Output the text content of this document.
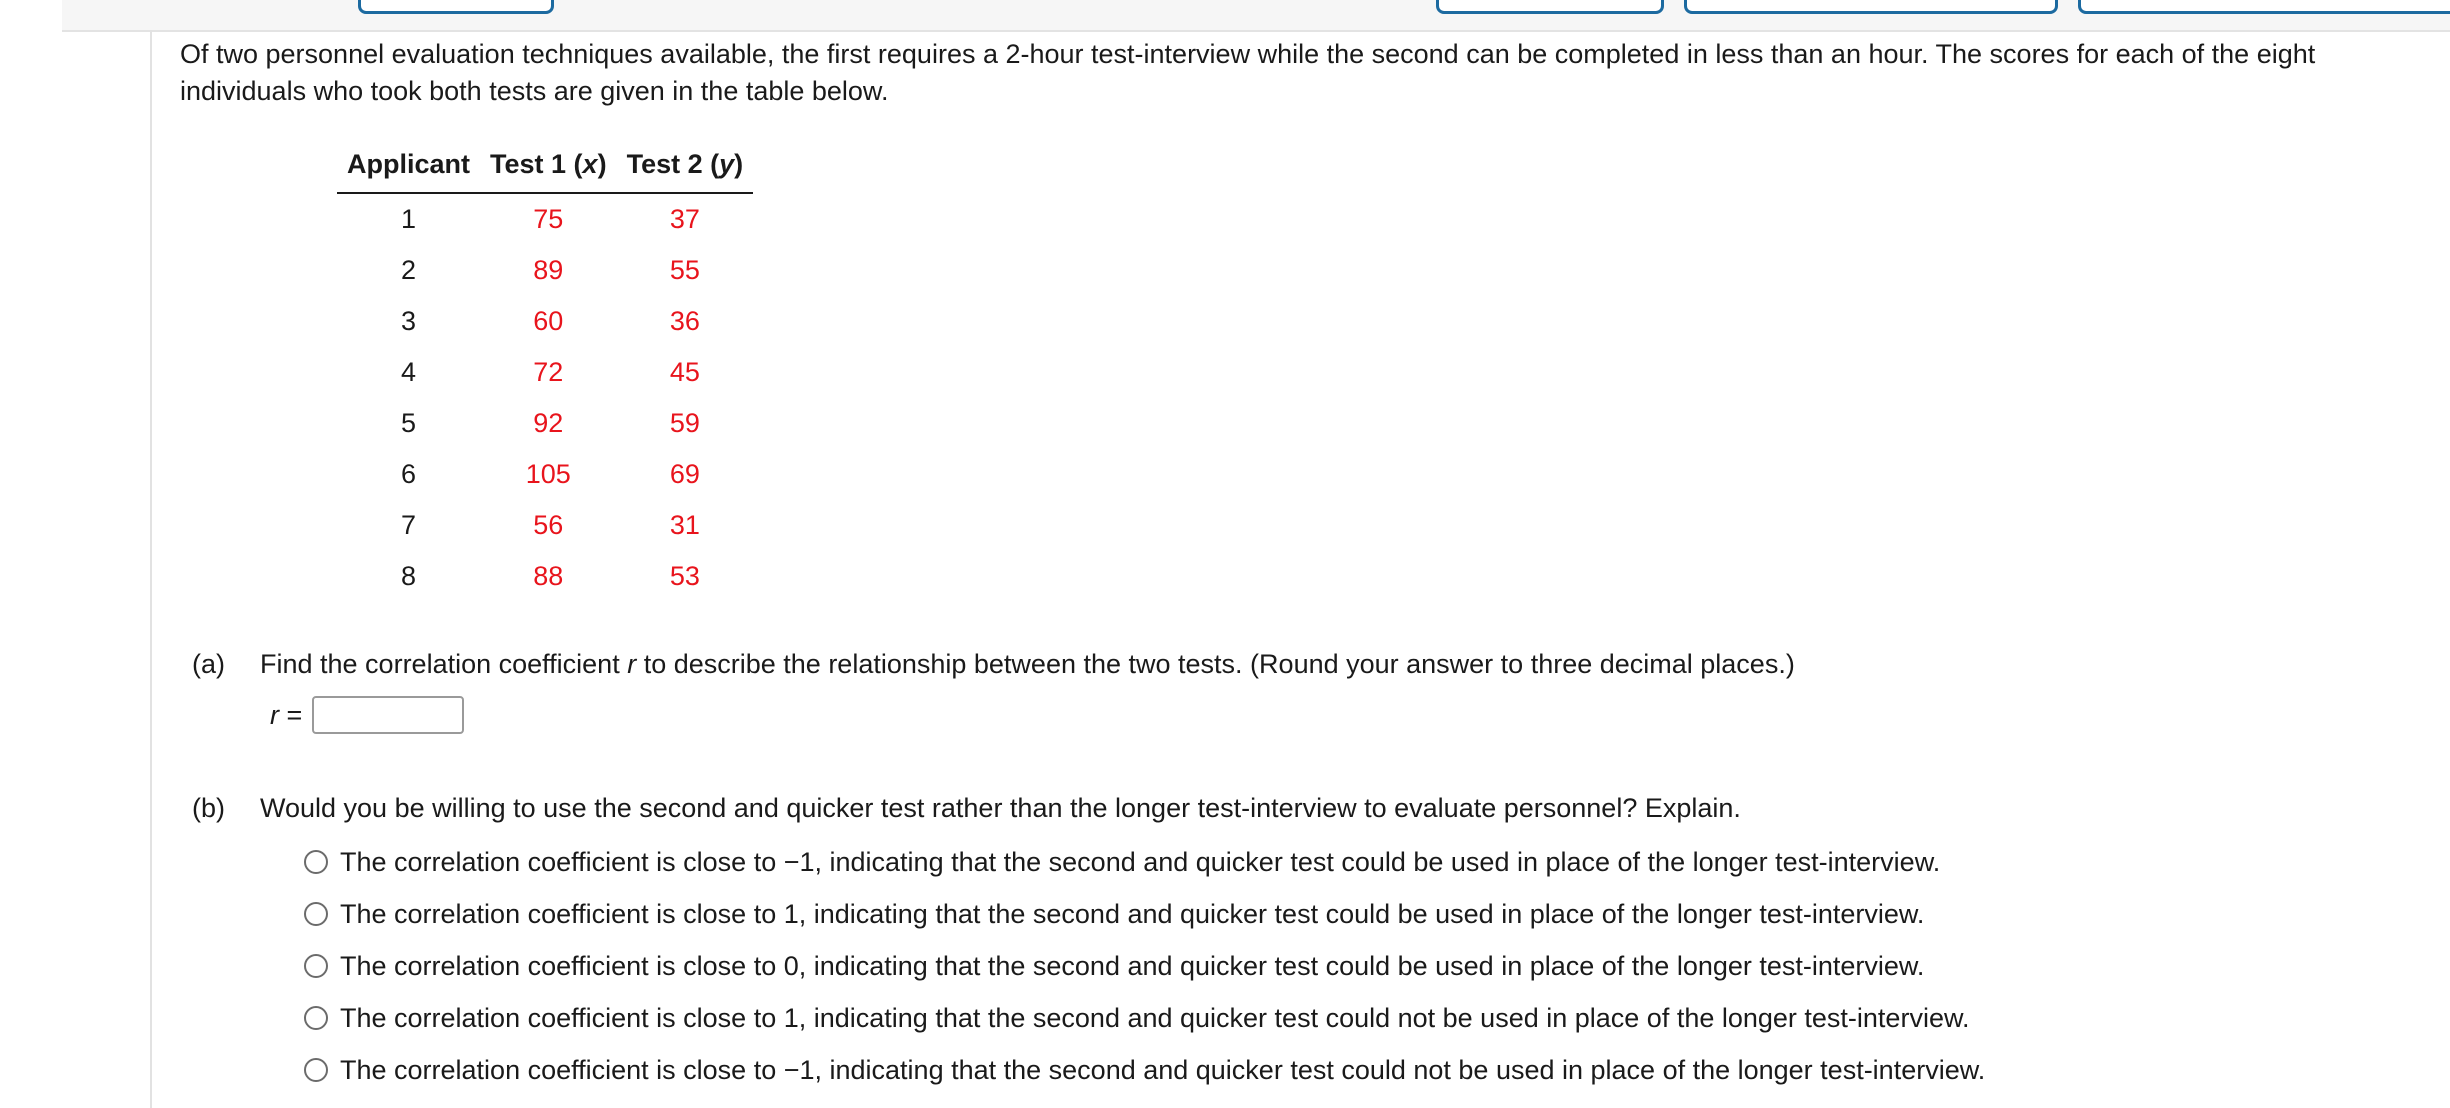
Of two personnel evaluation techniques available, the first requires a 2-hour test-interview while the second can be completed in less than an hour. The scores for each of the eight individuals who took both tests are given in the table below.

Applicant	Test 1 (x)	Test 2 (y)
1	75	37
2	89	55
3	60	36
4	72	45
5	92	59
6	105	69
7	56	31
8	88	53
(a) Find the correlation coefficient r to describe the relationship between the two tests. (Round your answer to three decimal places.)
r =
(b) Would you be willing to use the second and quicker test rather than the longer test-interview to evaluate personnel? Explain.
The correlation coefficient is close to −1, indicating that the second and quicker test could be used in place of the longer test-interview.
The correlation coefficient is close to 1, indicating that the second and quicker test could be used in place of the longer test-interview.
The correlation coefficient is close to 0, indicating that the second and quicker test could be used in place of the longer test-interview.
The correlation coefficient is close to 1, indicating that the second and quicker test could not be used in place of the longer test-interview.
The correlation coefficient is close to −1, indicating that the second and quicker test could not be used in place of the longer test-interview.
